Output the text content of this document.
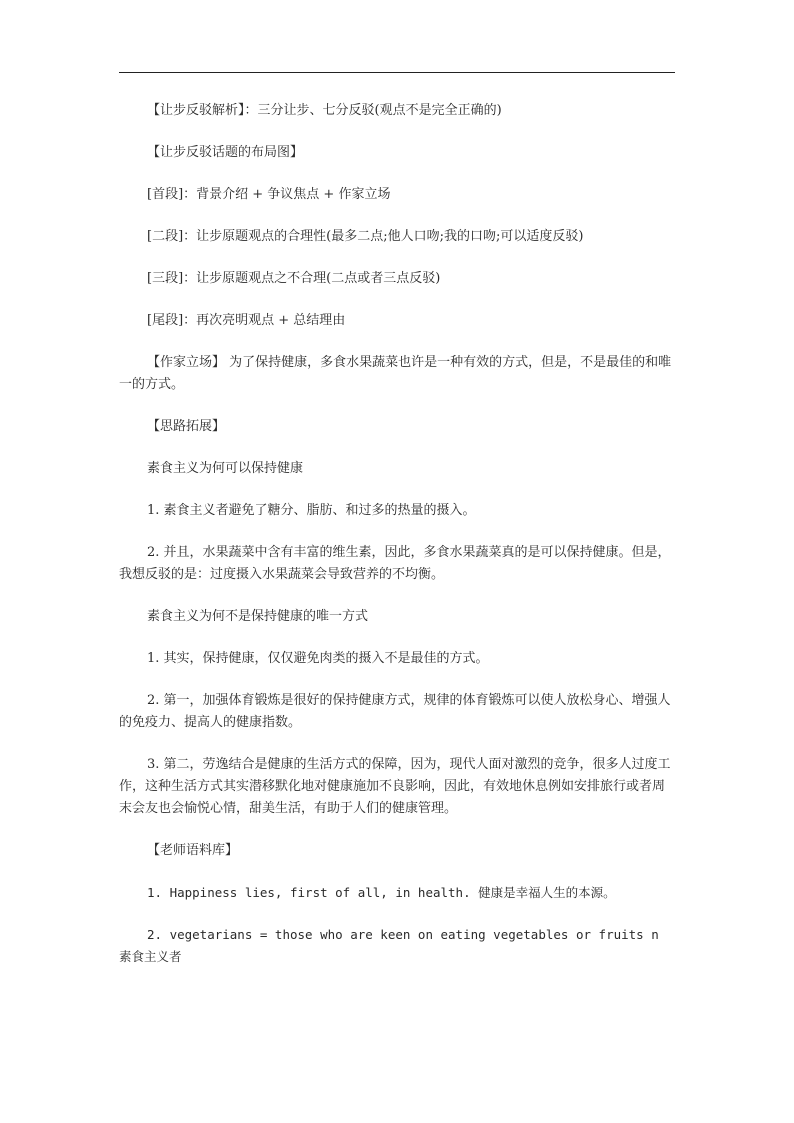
【让步反驳解析】：三分让步、七分反驳(观点不是完全正确的)

【让步反驳话题的布局图】

[首段]：背景介绍 + 争议焦点 + 作家立场

[二段]：让步原题观点的合理性(最多二点;他人口吻;我的口吻;可以适度反驳)

[三段]：让步原题观点之不合理(二点或者三点反驳)

[尾段]：再次亮明观点 + 总结理由

【作家立场】 为了保持健康，多食水果蔬菜也许是一种有效的方式，但是，不是最佳的和唯一的方式。

【思路拓展】

素食主义为何可以保持健康

1. 素食主义者避免了糖分、脂肪、和过多的热量的摄入。

2. 并且，水果蔬菜中含有丰富的维生素，因此，多食水果蔬菜真的是可以保持健康。但是，我想反驳的是：过度摄入水果蔬菜会导致营养的不均衡。

素食主义为何不是保持健康的唯一方式

1. 其实，保持健康，仅仅避免肉类的摄入不是最佳的方式。

2. 第一，加强体育锻炼是很好的保持健康方式，规律的体育锻炼可以使人放松身心、增强人的免疫力、提高人的健康指数。

3. 第二，劳逸结合是健康的生活方式的保障，因为，现代人面对激烈的竞争，很多人过度工作，这种生活方式其实潜移默化地对健康施加不良影响，因此，有效地休息例如安排旅行或者周末会友也会愉悦心情，甜美生活，有助于人们的健康管理。

【老师语料库】

1. Happiness lies, first of all, in health. 健康是幸福人生的本源。

2. vegetarians = those who are keen on eating vegetables or fruits n 素食主义者
